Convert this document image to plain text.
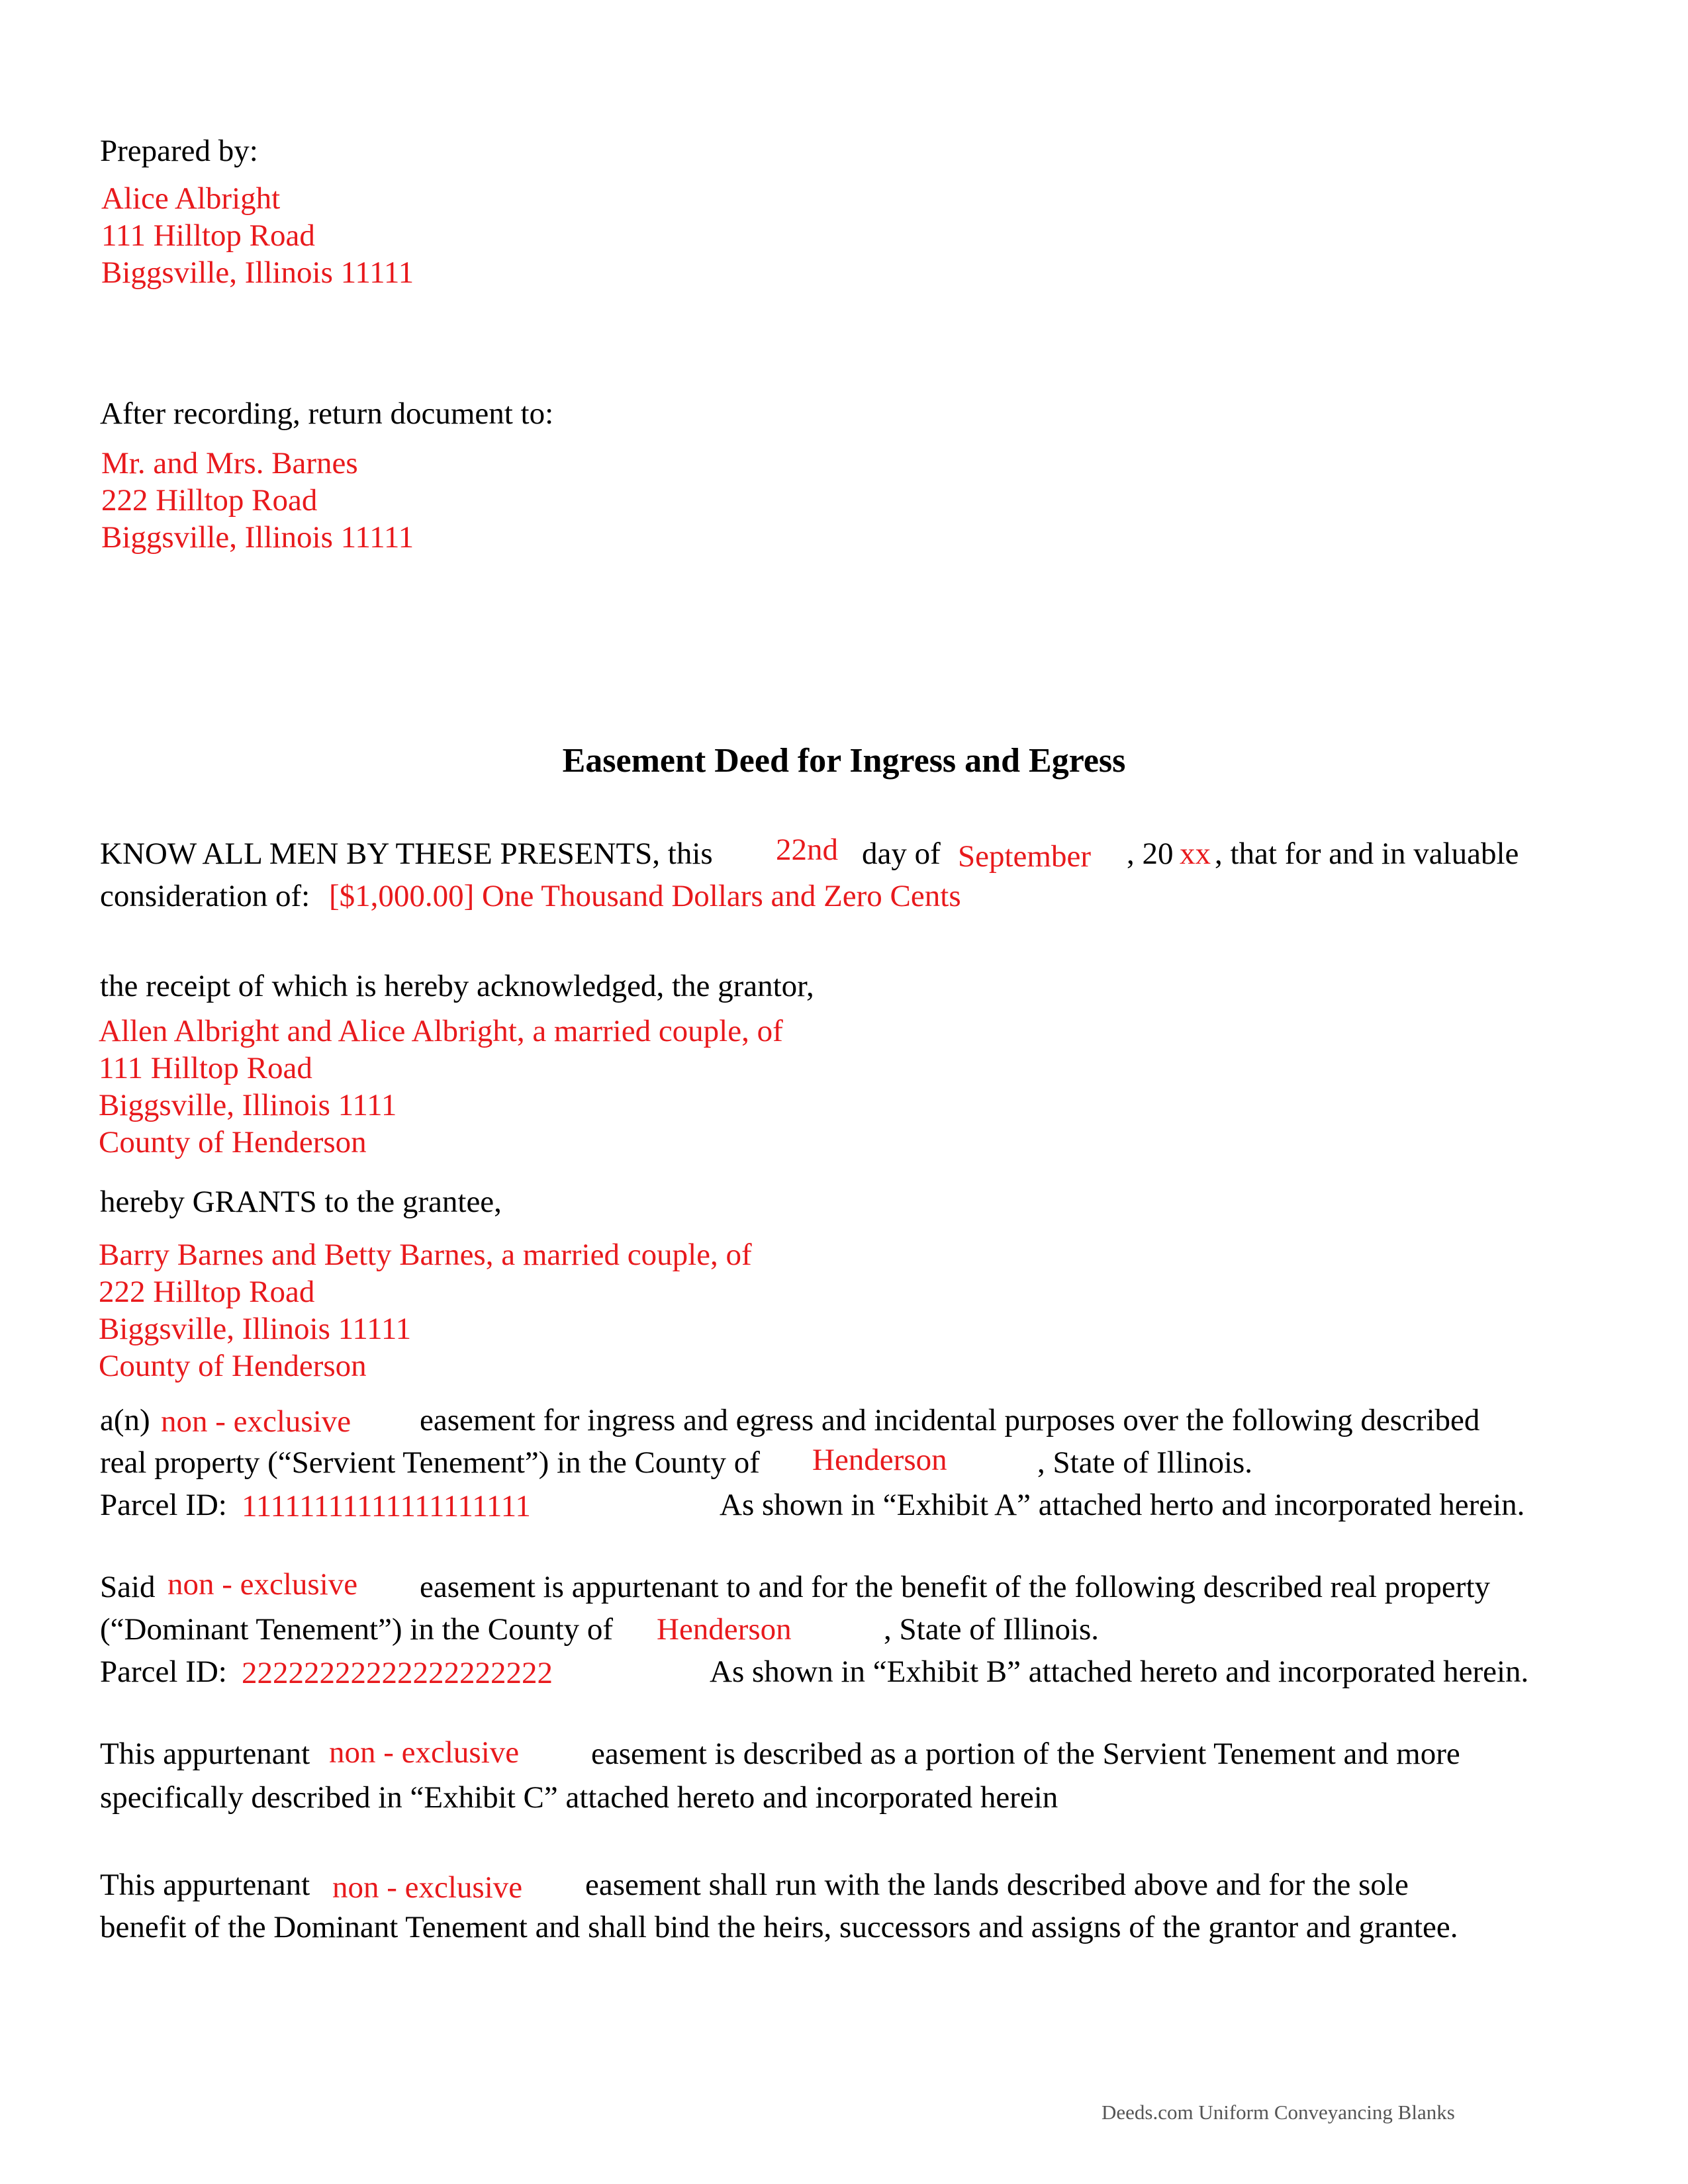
Prepared by:
Alice Albright
111 Hilltop Road
Biggsville, Illinois 11111
After recording, return document to:
Mr. and Mrs. Barnes
222 Hilltop Road
Biggsville, Illinois 11111
Easement Deed for Ingress and Egress
KNOW ALL MEN BY THESE PRESENTS, this 22nd day of September , 20 xx , that for and in valuable
consideration of: [$1,000.00] One Thousand Dollars and Zero Cents
the receipt of which is hereby acknowledged, the grantor,
Allen Albright and Alice Albright, a married couple, of
111 Hilltop Road
Biggsville, Illinois 1111
County of Henderson
hereby GRANTS to the grantee,
Barry Barnes and Betty Barnes, a married couple, of
222 Hilltop Road
Biggsville, Illinois 11111
County of Henderson
a(n) non - exclusive easement for ingress and egress and incidental purposes over the following described
real property (“Servient Tenement”) in the County of Henderson	, State of Illinois.
Parcel ID: 11111111111111111111	As shown in “Exhibit A” attached herto and incorporated herein.
Said non - exclusive easement is appurtenant to and for the benefit of the following described real property
(“Dominant Tenement”) in the County of Henderson	, State of Illinois.
Parcel ID: 22222222222222222222	As shown in “Exhibit B” attached hereto and incorporated herein.
This appurtenant non - exclusive easement is described as a portion of the Servient Tenement and more
specifically described in “Exhibit C” attached hereto and incorporated herein
This appurtenant non - exclusive easement shall run with the lands described above and for the sole
benefit of the Dominant Tenement and shall bind the heirs, successors and assigns of the grantor and grantee.
Deeds.com Uniform Conveyancing Blanks
